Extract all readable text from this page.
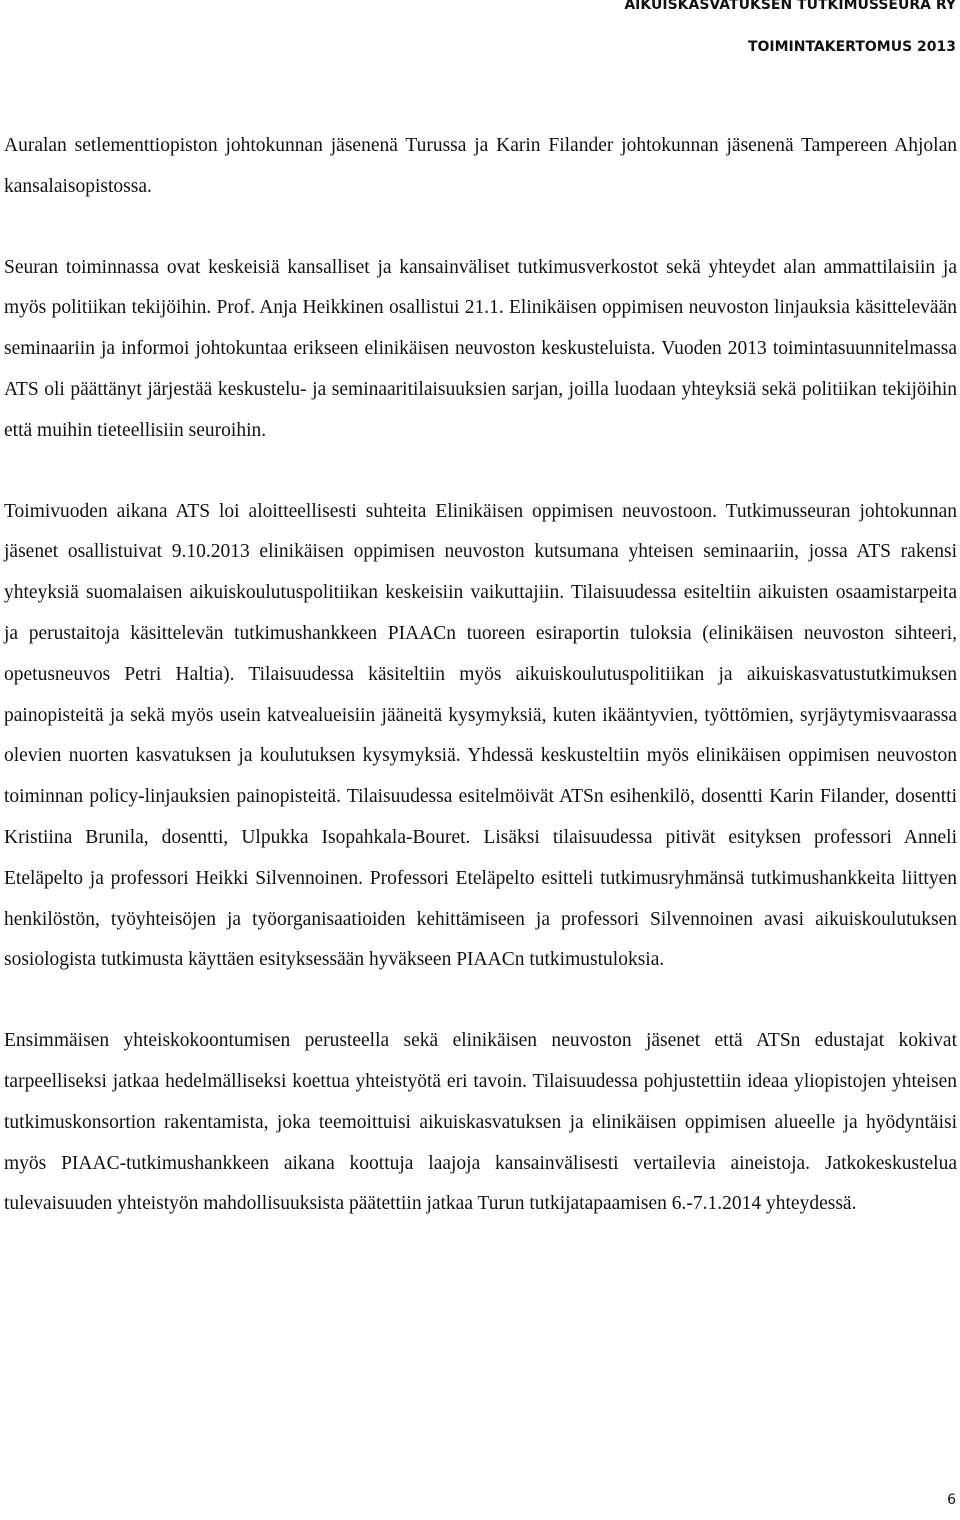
AIKUISKASVATUKSEN TUTKIMUSSEURA RY
TOIMINTAKERTOMUS 2013

Auralan setlementtiopiston johtokunnan jäsenenä Turussa ja Karin Filander johtokunnan jäsenenä Tampereen Ahjolan kansalaisopistossa.

Seuran toiminnassa ovat keskeisiä kansalliset ja kansainväliset tutkimusverkostot sekä yhteydet alan ammattilaisiin ja myös politiikan tekijöihin. Prof. Anja Heikkinen osallistui 21.1. Elinikäisen oppimisen neuvoston linjauksia käsittelevään seminaariin ja informoi johtokuntaa erikseen elinikäisen neuvoston keskusteluista. Vuoden 2013 toimintasuunnitelmassa ATS oli päättänyt järjestää keskustelu- ja seminaaritilaisuuksien sarjan, joilla luodaan yhteyksiä sekä politiikan tekijöihin että muihin tieteellisiin seuroihin.

Toimivuoden aikana ATS loi aloitteellisesti suhteita Elinikäisen oppimisen neuvostoon. Tutkimusseuran johtokunnan jäsenet osallistuivat 9.10.2013 elinikäisen oppimisen neuvoston kutsumana yhteisen seminaariin, jossa ATS rakensi yhteyksiä suomalaisen aikuiskoulutuspolitiikan keskeisiin vaikuttajiin. Tilaisuudessa esiteltiin aikuisten osaamistarpeita ja perustaitoja käsittelevän tutkimushankkeen PIAACn tuoreen esiraportin tuloksia (elinikäisen neuvoston sihteeri, opetusneuvos Petri Haltia). Tilaisuudessa käsiteltiin myös aikuiskoulutuspolitiikan ja aikuiskasvatustutkimuksen painopisteitä ja sekä myös usein katvealueisiin jääneitä kysymyksiä, kuten ikääntyvien, työttömien, syrjäytymisvaarassa olevien nuorten kasvatuksen ja koulutuksen kysymyksiä. Yhdessä keskusteltiin myös elinikäisen oppimisen neuvoston toiminnan policy-linjauksien painopisteitä. Tilaisuudessa esitelmöivät ATSn esihenkilö, dosentti Karin Filander, dosentti Kristiina Brunila, dosentti, Ulpukka Isopahkala-Bouret. Lisäksi tilaisuudessa pitivät esityksen professori Anneli Eteläpelto ja professori Heikki Silvennoinen. Professori Eteläpelto esitteli tutkimusryhmänsä tutkimushankkeita liittyen henkilöstön, työyhteisöjen ja työorganisaatioiden kehittämiseen ja professori Silvennoinen avasi aikuiskoulutuksen sosiologista tutkimusta käyttäen esityksessään hyväkseen PIAACn tutkimustuloksia.

Ensimmäisen yhteiskokoontumisen perusteella sekä elinikäisen neuvoston jäsenet että ATSn edustajat kokivat tarpeelliseksi jatkaa hedelmälliseksi koettua yhteistyötä eri tavoin. Tilaisuudessa pohjustettiin ideaa yliopistojen yhteisen tutkimuskonsortion rakentamista, joka teemoittuisi aikuiskasvatuksen ja elinikäisen oppimisen alueelle ja hyödyntäisi myös PIAAC-tutkimushankkeen aikana koottuja laajoja kansainvälisesti vertailevia aineistoja. Jatkokeskustelua tulevaisuuden yhteistyön mahdollisuuksista päätettiin jatkaa Turun tutkijatapaamisen 6.-7.1.2014 yhteydessä.

6
